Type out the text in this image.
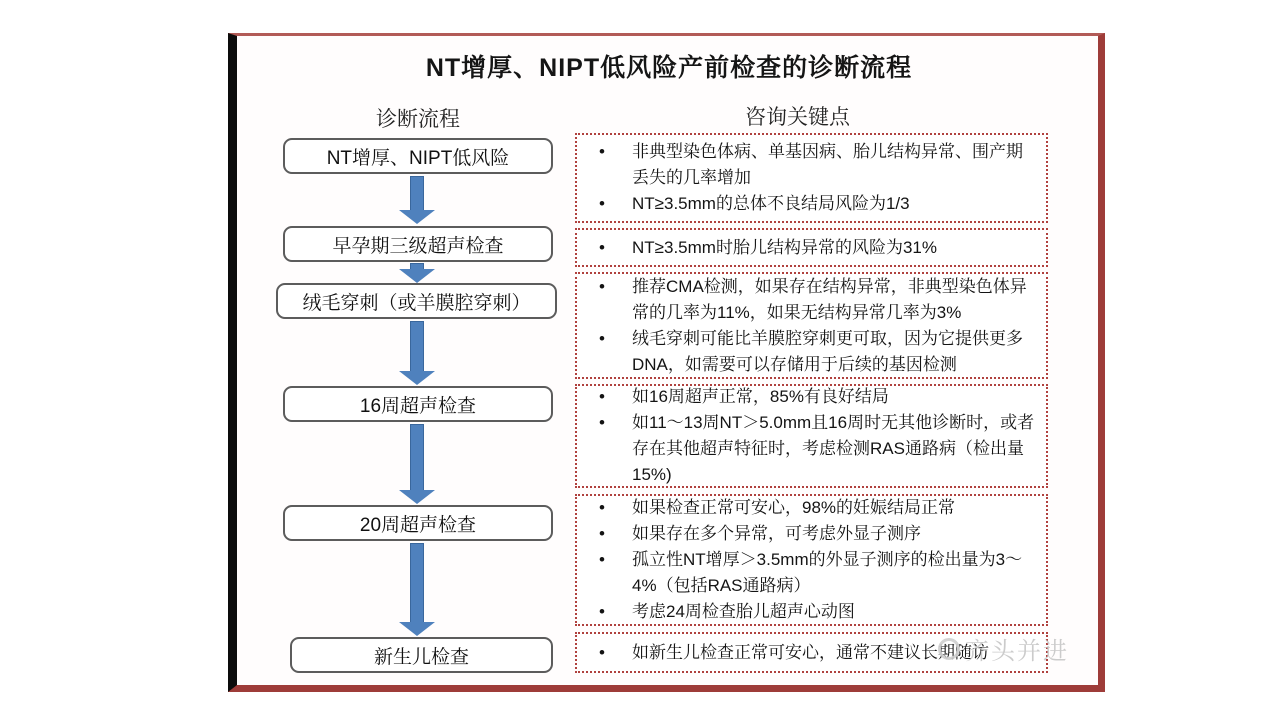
NT增厚、NIPT低风险产前检查的诊断流程
诊断流程	咨询关键点
NT增厚、NIPT低风险
早孕期三级超声检查
绒毛穿刺（或羊膜腔穿刺）
16周超声检查
20周超声检查
新生儿检查
• 非典型染色体病、单基因病、胎儿结构异常、围产期丢失的几率增加
• NT≥3.5mm的总体不良结局风险为1/3
• NT≥3.5mm时胎儿结构异常的风险为31%
• 推荐CMA检测，如果存在结构异常，非典型染色体异常的几率为11%，如果无结构异常几率为3%
• 绒毛穿刺可能比羊膜腔穿刺更可取，因为它提供更多DNA，如需要可以存储用于后续的基因检测
• 如16周超声正常，85%有良好结局
• 如11～13周NT＞5.0mm且16周时无其他诊断时，或者存在其他超声特征时，考虑检测RAS通路病（检出量15%)
• 如果检查正常可安心，98%的妊娠结局正常
• 如果存在多个异常，可考虑外显子测序
• 孤立性NT增厚＞3.5mm的外显子测序的检出量为3～4%（包括RAS通路病）
• 考虑24周检查胎儿超声心动图
• 如新生儿检查正常可安心，通常不建议长期随访
齐头并进
